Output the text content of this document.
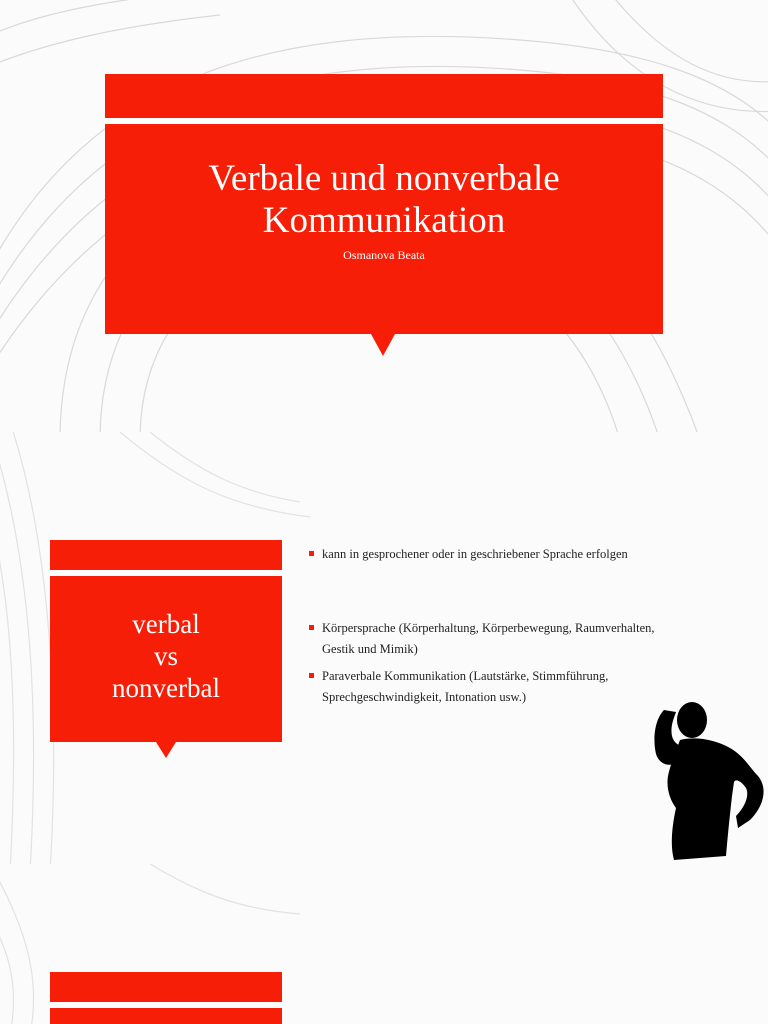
Verbale und nonverbale Kommunikation
Osmanova Beata
verbal
vs
nonverbal
kann in gesprochener oder in geschriebener Sprache erfolgen
Körpersprache (Körperhaltung, Körperbewegung, Raumverhalten, Gestik und Mimik)
Paraverbale Kommunikation (Lautstärke, Stimmführung, Sprechgeschwindigkeit, Intonation usw.)
